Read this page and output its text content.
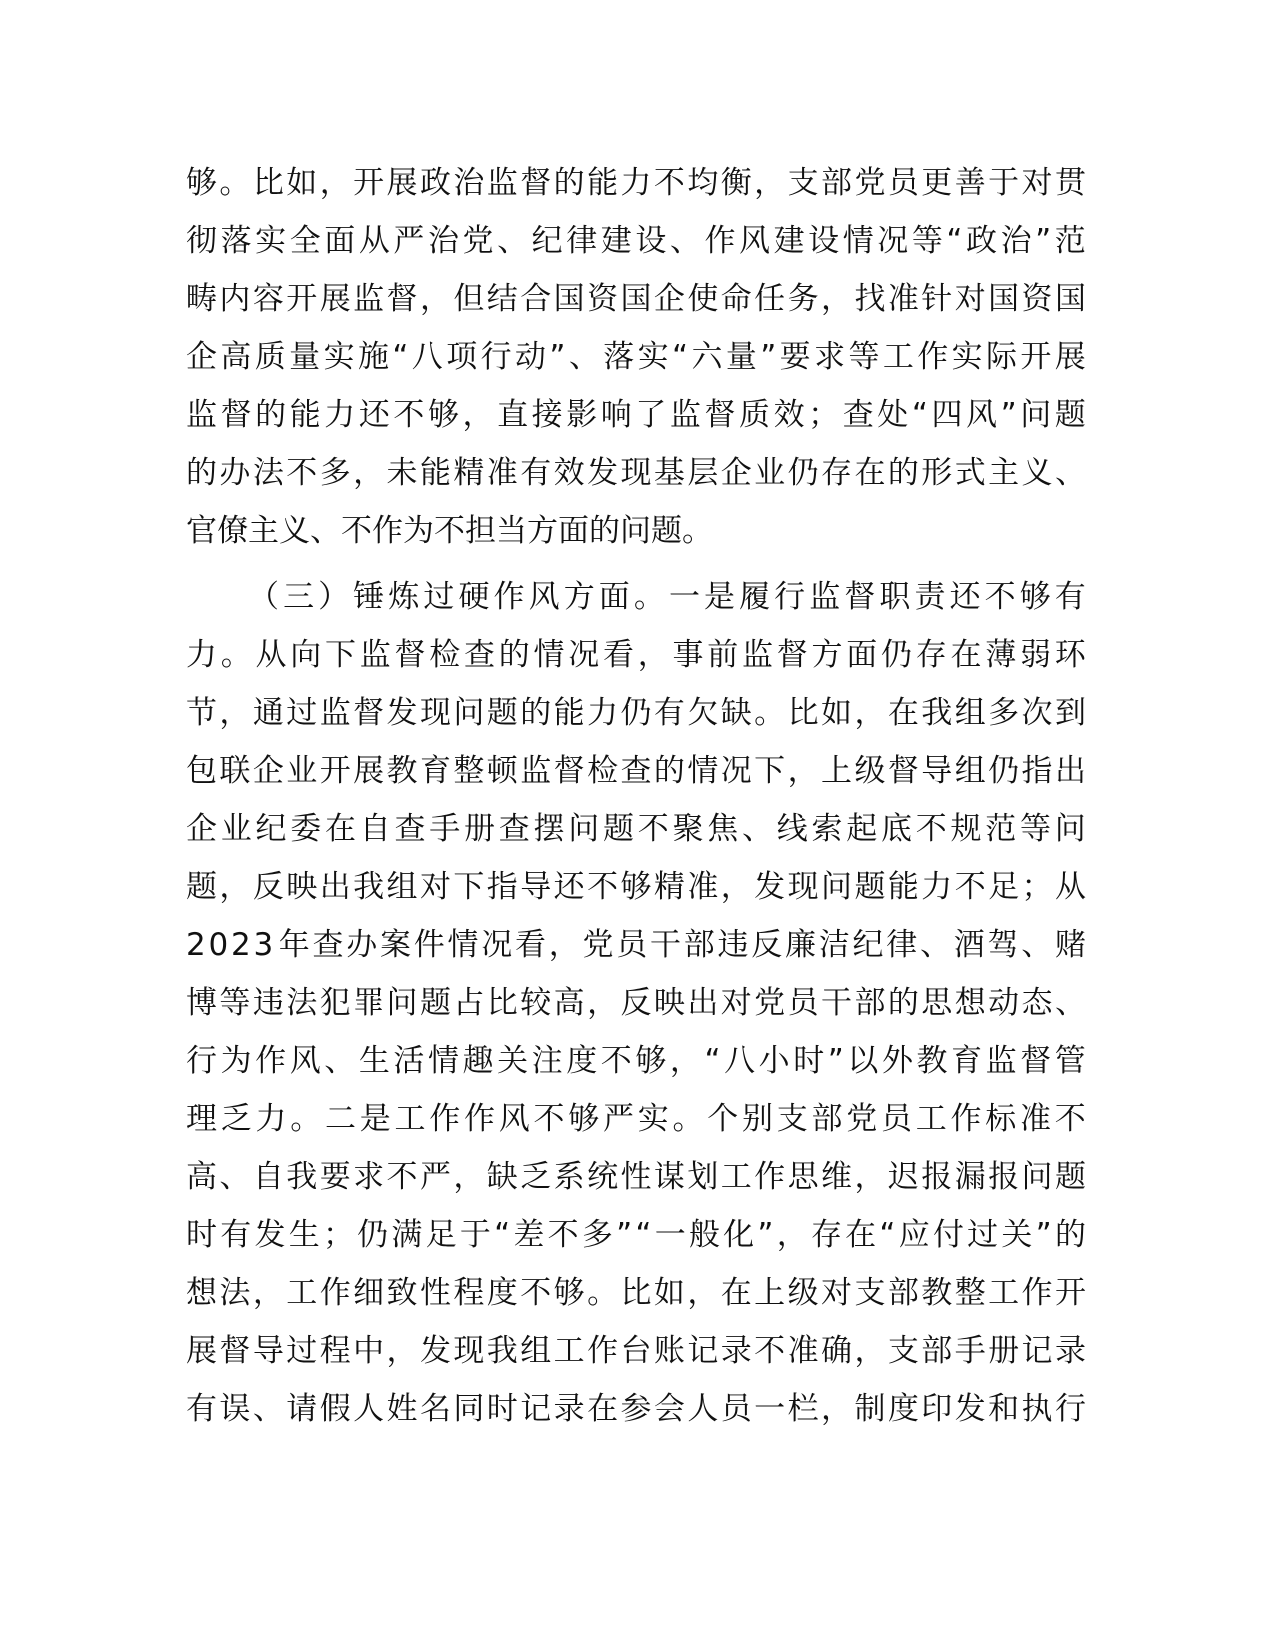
够 。 比 如 ， 开 展 政 治 监 督 的 能 力 不 均 衡 ， 支 部 党 员 更 善 于 对 贯
彻 落 实 全 面 从 严 治 党 、 纪 律 建 设 、 作 风 建 设 情 况 等 “ 政 治 ” 范
畴 内 容 开 展 监 督 ， 但 结 合 国 资 国 企 使 命 任 务 ， 找 准 针 对 国 资 国
企 高 质 量 实 施 “ 八 项 行 动 ” 、 落 实 “ 六 量 ” 要 求 等 工 作 实 际 开 展
监 督 的 能 力 还 不 够 ， 直 接 影 响 了 监 督 质 效 ； 查 处 “ 四 风 ” 问 题
的 办 法 不 多 ， 未 能 精 准 有 效 发 现 基 层 企 业 仍 存 在 的 形 式 主 义 、
官僚主义、不作为不担当方面的问题。
（ 三 ） 锤 炼 过 硬 作 风 方 面 。 一 是 履 行 监 督 职 责 还 不 够 有
力 。 从 向 下 监 督 检 查 的 情 况 看 ， 事 前 监 督 方 面 仍 存 在 薄 弱 环
节 ， 通 过 监 督 发 现 问 题 的 能 力 仍 有 欠 缺 。 比 如 ， 在 我 组 多 次 到
包 联 企 业 开 展 教 育 整 顿 监 督 检 查 的 情 况 下 ， 上 级 督 导 组 仍 指 出
企 业 纪 委 在 自 查 手 册 查 摆 问 题 不 聚 焦 、 线 索 起 底 不 规 范 等 问
题 ， 反 映 出 我 组 对 下 指 导 还 不 够 精 准 ， 发 现 问 题 能 力 不 足 ； 从
2 0 2 3 年 查 办 案 件 情 况 看 ， 党 员 干 部 违 反 廉 洁 纪 律 、 酒 驾 、 赌
博 等 违 法 犯 罪 问 题 占 比 较 高 ， 反 映 出 对 党 员 干 部 的 思 想 动 态 、
行 为 作 风 、 生 活 情 趣 关 注 度 不 够 ， “ 八 小 时 ” 以 外 教 育 监 督 管
理 乏 力 。 二 是 工 作 作 风 不 够 严 实 。 个 别 支 部 党 员 工 作 标 准 不
高 、 自 我 要 求 不 严 ， 缺 乏 系 统 性 谋 划 工 作 思 维 ， 迟 报 漏 报 问 题
时 有 发 生 ； 仍 满 足 于 “ 差 不 多 ” “ 一 般 化 ” ， 存 在 “ 应 付 过 关 ” 的
想 法 ， 工 作 细 致 性 程 度 不 够 。 比 如 ， 在 上 级 对 支 部 教 整 工 作 开
展 督 导 过 程 中 ， 发 现 我 组 工 作 台 账 记 录 不 准 确 ， 支 部 手 册 记 录
有 误 、 请 假 人 姓 名 同 时 记 录 在 参 会 人 员 一 栏 ， 制 度 印 发 和 执 行
